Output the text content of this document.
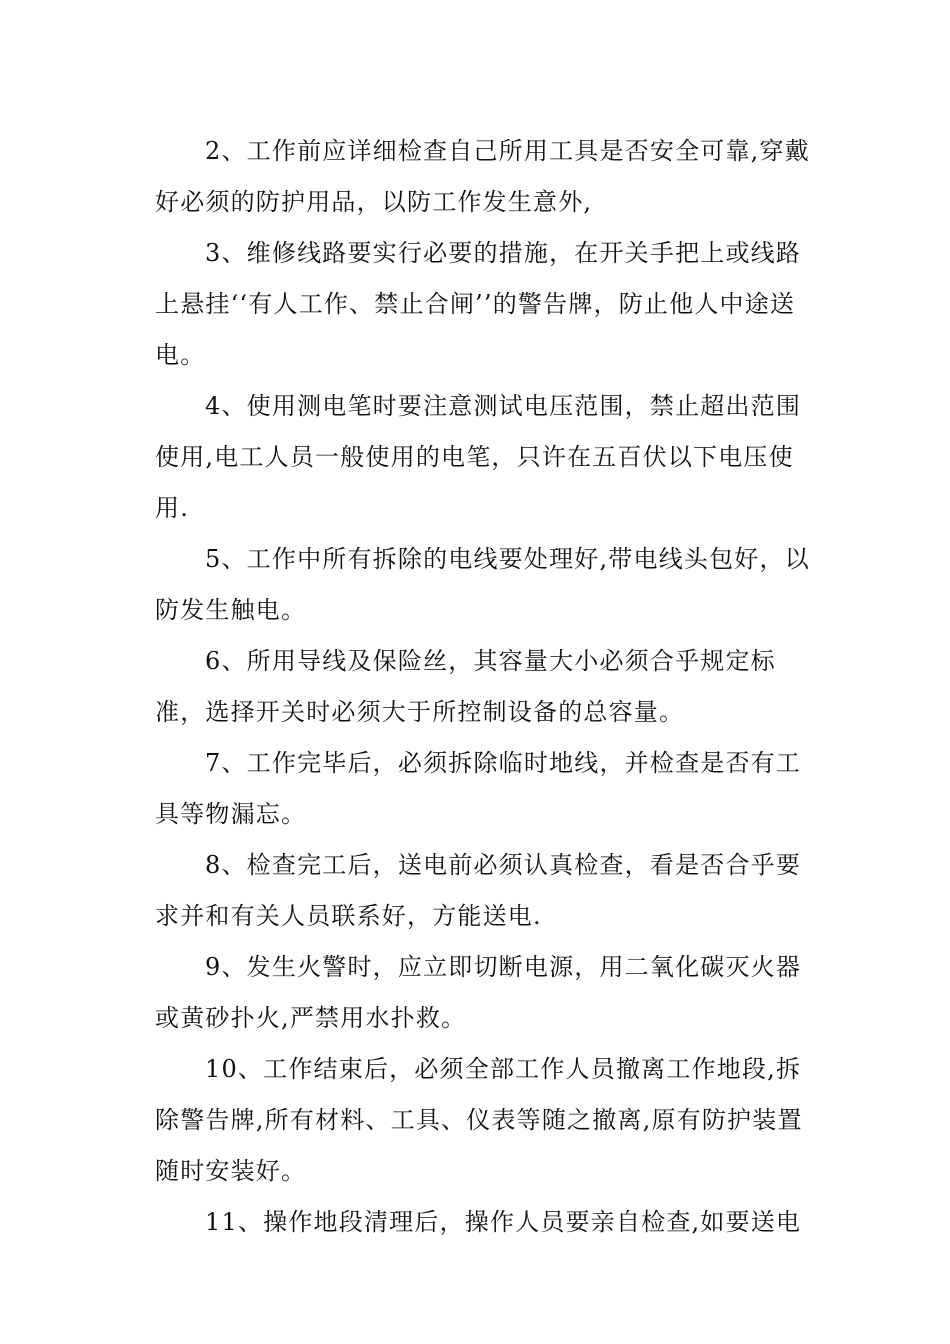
2、工作前应详细检查自己所用工具是否安全可靠,穿戴好必须的防护用品，以防工作发生意外,

3、维修线路要实行必要的措施，在开关手把上或线路上悬挂‘‘有人工作、禁止合闸’’的警告牌，防止他人中途送电。

4、使用测电笔时要注意测试电压范围，禁止超出范围使用,电工人员一般使用的电笔，只许在五百伏以下电压使用.

5、工作中所有拆除的电线要处理好,带电线头包好，以防发生触电。

6、所用导线及保险丝，其容量大小必须合乎规定标准，选择开关时必须大于所控制设备的总容量。

7、工作完毕后，必须拆除临时地线，并检查是否有工具等物漏忘。

8、检查完工后，送电前必须认真检查，看是否合乎要求并和有关人员联系好，方能送电.

9、发生火警时，应立即切断电源，用二氧化碳灭火器或黄砂扑火,严禁用水扑救。

10、工作结束后，必须全部工作人员撤离工作地段,拆除警告牌,所有材料、工具、仪表等随之撤离,原有防护装置随时安装好。

11、操作地段清理后，操作人员要亲自检查,如要送电
